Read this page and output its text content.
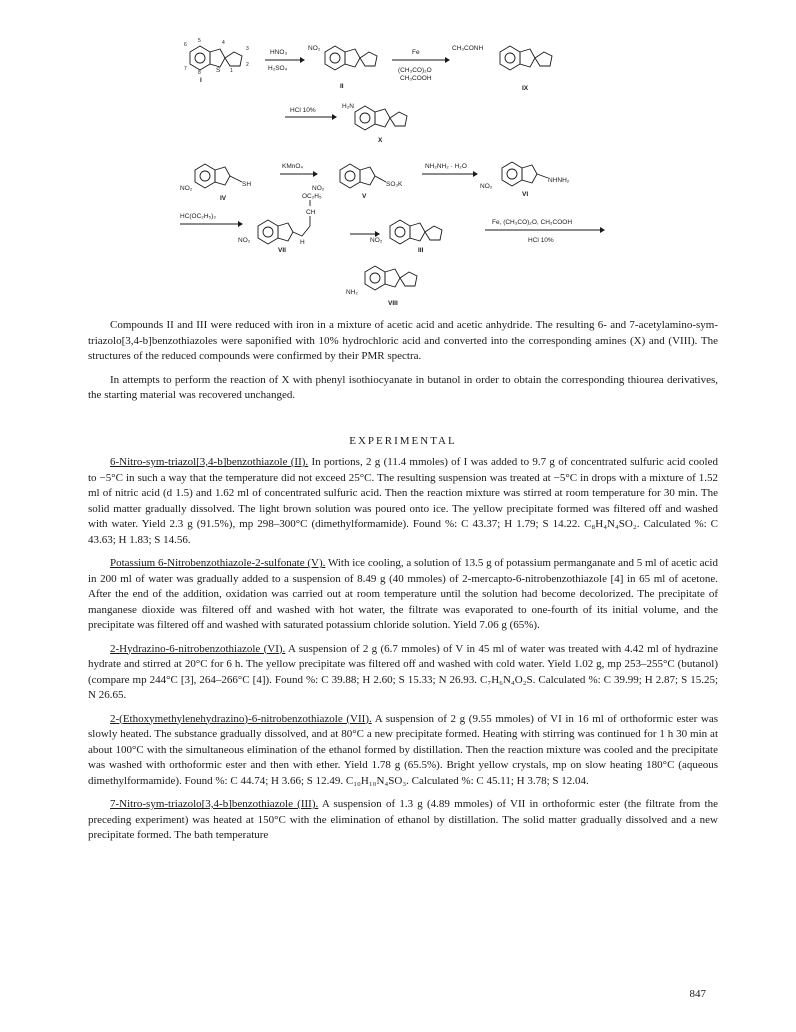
6
5
7
8
4
3
2
1
S
I
HNO₃
H₂SO₄
NO₂
II
Fe
(CH₃CO)₂O
CH₃COOH
CH₃CONH
IX
HCl 10%
H₂N
X
SH
NO₂
IV
KMnO₄
NO₂
SO₃K
V
NH₂NH₂ · H₂O
NO₂
NHNH₂
VI
HC(OC₂H₅)₃
NO₂
CH
OC₂H₅
H
VII
NO₂
III
Fe, (CH₃CO)₂O, CH₃COOH
HCl 10%
NH₂
VIII

Compounds II and III were reduced with iron in a mixture of acetic acid and acetic anhydride. The resulting 6- and 7-acetylamino-sym-triazolo[3,4-b]benzothiazoles were saponified with 10% hydrochloric acid and converted into the corresponding amines (X) and (VIII). The structures of the reduced compounds were confirmed by their PMR spectra.

In attempts to perform the reaction of X with phenyl isothiocyanate in butanol in order to obtain the corresponding thiourea derivatives, the starting material was recovered unchanged.

EXPERIMENTAL

6-Nitro-sym-triazol[3,4-b]benzothiazole (II). In portions, 2 g (11.4 mmoles) of I was added to 9.7 g of concentrated sulfuric acid cooled to −5°C in such a way that the temperature did not exceed 25°C. The resulting suspension was treated at −5°C in drops with a mixture of 1.52 ml of nitric acid (d 1.5) and 1.62 ml of concentrated sulfuric acid. Then the reaction mixture was stirred at room temperature for 30 min. The solid matter gradually dissolved. The light brown solution was poured onto ice. The yellow precipitate formed was filtered off and washed with water. Yield 2.3 g (91.5%), mp 298–300°C (dimethylformamide). Found %: C 43.37; H 1.79; S 14.22. C₈H₄N₄SO₂. Calculated %: C 43.63; H 1.83; S 14.56.

Potassium 6-Nitrobenzothiazole-2-sulfonate (V). With ice cooling, a solution of 13.5 g of potassium permanganate and 5 ml of acetic acid in 200 ml of water was gradually added to a suspension of 8.49 g (40 mmoles) of 2-mercapto-6-nitrobenzothiazole [4] in 65 ml of acetone. After the end of the addition, oxidation was carried out at room temperature until the solution had become decolorized. The precipitate of manganese dioxide was filtered off and washed with hot water, the filtrate was evaporated to one-fourth of its initial volume, and the precipitate was filtered off and washed with saturated potassium chloride solution. Yield 7.06 g (65%).

2-Hydrazino-6-nitrobenzothiazole (VI). A suspension of 2 g (6.7 mmoles) of V in 45 ml of water was treated with 4.42 ml of hydrazine hydrate and stirred at 20°C for 6 h. The yellow precipitate was filtered off and washed with cold water. Yield 1.02 g, mp 253–255°C (butanol) (compare mp 244°C [3], 264–266°C [4]). Found %: C 39.88; H 2.60; S 15.33; N 26.93. C₇H₆N₄O₂S. Calculated %: C 39.99; H 2.87; S 15.25; N 26.65.

2-(Ethoxymethylenehydrazino)-6-nitrobenzothiazole (VII). A suspension of 2 g (9.55 mmoles) of VI in 16 ml of orthoformic ester was slowly heated. The substance gradually dissolved, and at 80°C a new precipitate formed. Heating with stirring was continued for 1 h 30 min at about 100°C with the simultaneous elimination of the ethanol formed by distillation. Then the reaction mixture was cooled and the precipitate was washed with orthoformic ester and then with ether. Yield 1.78 g (65.5%). Bright yellow crystals, mp on slow heating 180°C (aqueous dimethylformamide). Found %: C 44.74; H 3.66; S 12.49. C₁₀H₁₀N₄SO₃. Calculated %: C 45.11; H 3.78; S 12.04.

7-Nitro-sym-triazolo[3,4-b]benzothiazole (III). A suspension of 1.3 g (4.89 mmoles) of VII in orthoformic ester (the filtrate from the preceding experiment) was heated at 150°C with the elimination of ethanol by distillation. The solid matter gradually dissolved and a new precipitate formed. The bath temperature

847
